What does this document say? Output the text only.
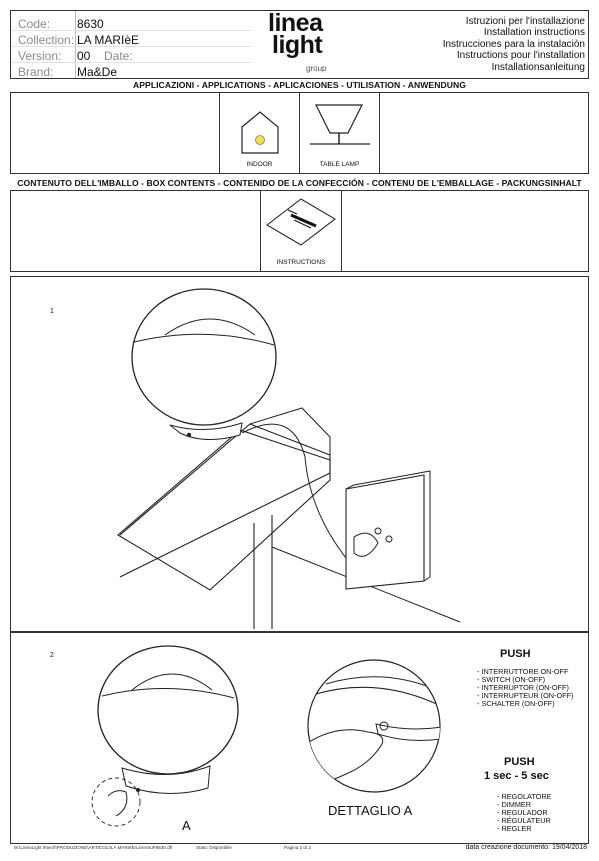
Code: 8630
Collection: LA MARIèE
Version: 00 Date:
Brand: Ma&De
linea
light
group
Istruzioni per l'installazione
Installation instructions
Instrucciones para la instalaciòn
Instructions pour l'installation
Installationsanleitung
APPLICAZIONI - APPLICATIONS - APLICACIONES - UTILISATION - ANWENDUNG
INDOOR	TABLE LAMP
CONTENUTO DELL'IMBALLO - BOX CONTENTS - CONTENIDO DE LA CONFECCIÓN - CONTENU DE L'EMBALLAGE - PACKUNGSINHALT
INSTRUCTIONS
1
2
A
DETTAGLIO A
PUSH
- INTERRUTTORE ON-OFF
- SWITCH (ON-OFF)
- INTERRUPTOR (ON-OFF)
- INTERRUPTEUR (ON-OFF)
- SCHALTER (ON-OFF)
PUSH
1 sec - 5 sec
- REGOLATORE
- DIMMER
- REGULADOR
- RÉGULATEUR
- REGLER
M:\LineaLight 9\tech\PRODUZIONE\ARTICOLI\LA MARIèE\LinenSuF8630.dft	Stato: Disponibile	Pagina 2 di 3	data creazione documento: 19/04/2018
